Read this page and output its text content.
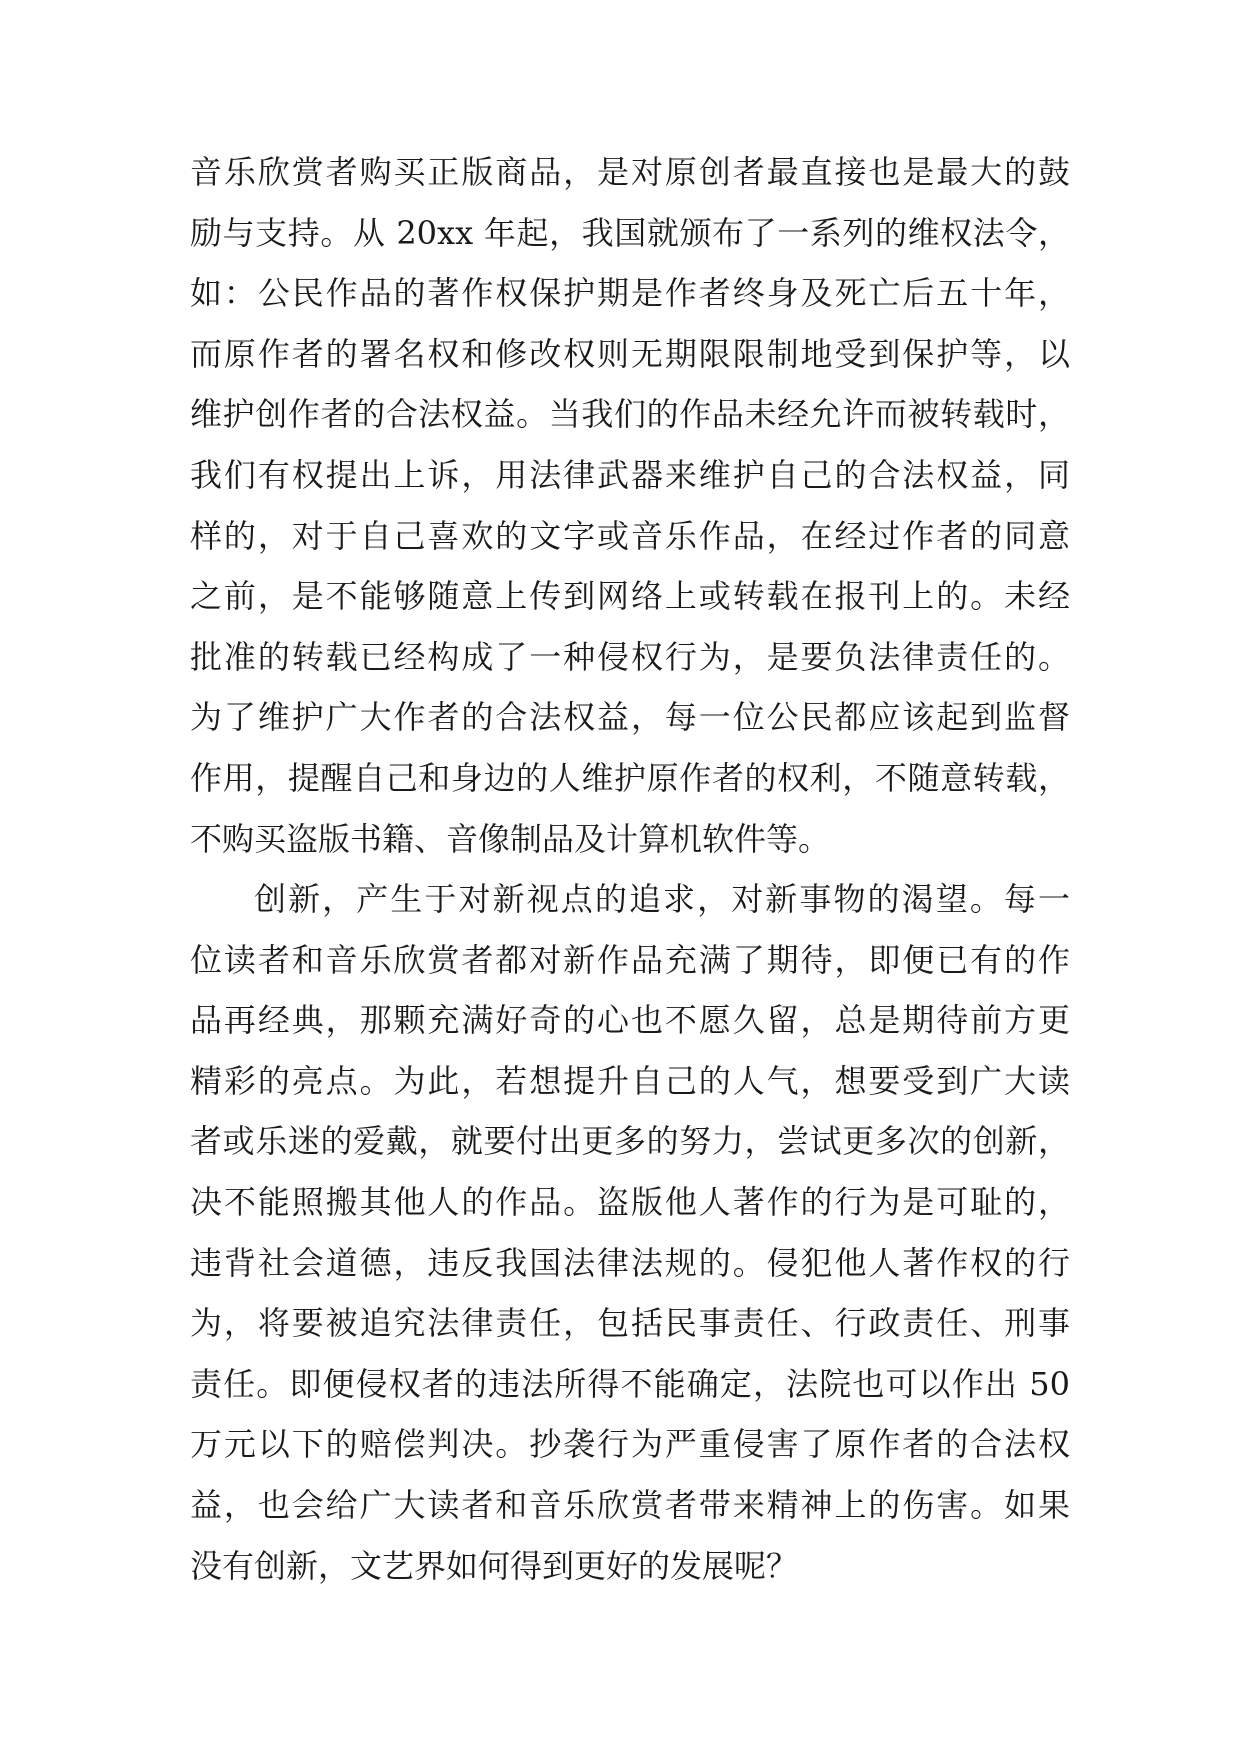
音乐欣赏者购买正版商品，是对原创者最直接也是最大的鼓
励与支持。从 20xx 年起，我国就颁布了一系列的维权法令，
如：公民作品的著作权保护期是作者终身及死亡后五十年，
而原作者的署名权和修改权则无期限限制地受到保护等，以
维护创作者的合法权益。当我们的作品未经允许而被转载时，
我们有权提出上诉，用法律武器来维护自己的合法权益，同
样的，对于自己喜欢的文字或音乐作品，在经过作者的同意
之前，是不能够随意上传到网络上或转载在报刊上的。未经
批准的转载已经构成了一种侵权行为，是要负法律责任的。
为了维护广大作者的合法权益，每一位公民都应该起到监督
作用，提醒自己和身边的人维护原作者的权利，不随意转载，
不购买盗版书籍、音像制品及计算机软件等。
创新，产生于对新视点的追求，对新事物的渴望。每一
位读者和音乐欣赏者都对新作品充满了期待，即便已有的作
品再经典，那颗充满好奇的心也不愿久留，总是期待前方更
精彩的亮点。为此，若想提升自己的人气，想要受到广大读
者或乐迷的爱戴，就要付出更多的努力，尝试更多次的创新，
决不能照搬其他人的作品。盗版他人著作的行为是可耻的，
违背社会道德，违反我国法律法规的。侵犯他人著作权的行
为，将要被追究法律责任，包括民事责任、行政责任、刑事
责任。即便侵权者的违法所得不能确定，法院也可以作出 50
万元以下的赔偿判决。抄袭行为严重侵害了原作者的合法权
益，也会给广大读者和音乐欣赏者带来精神上的伤害。如果
没有创新，文艺界如何得到更好的发展呢？
